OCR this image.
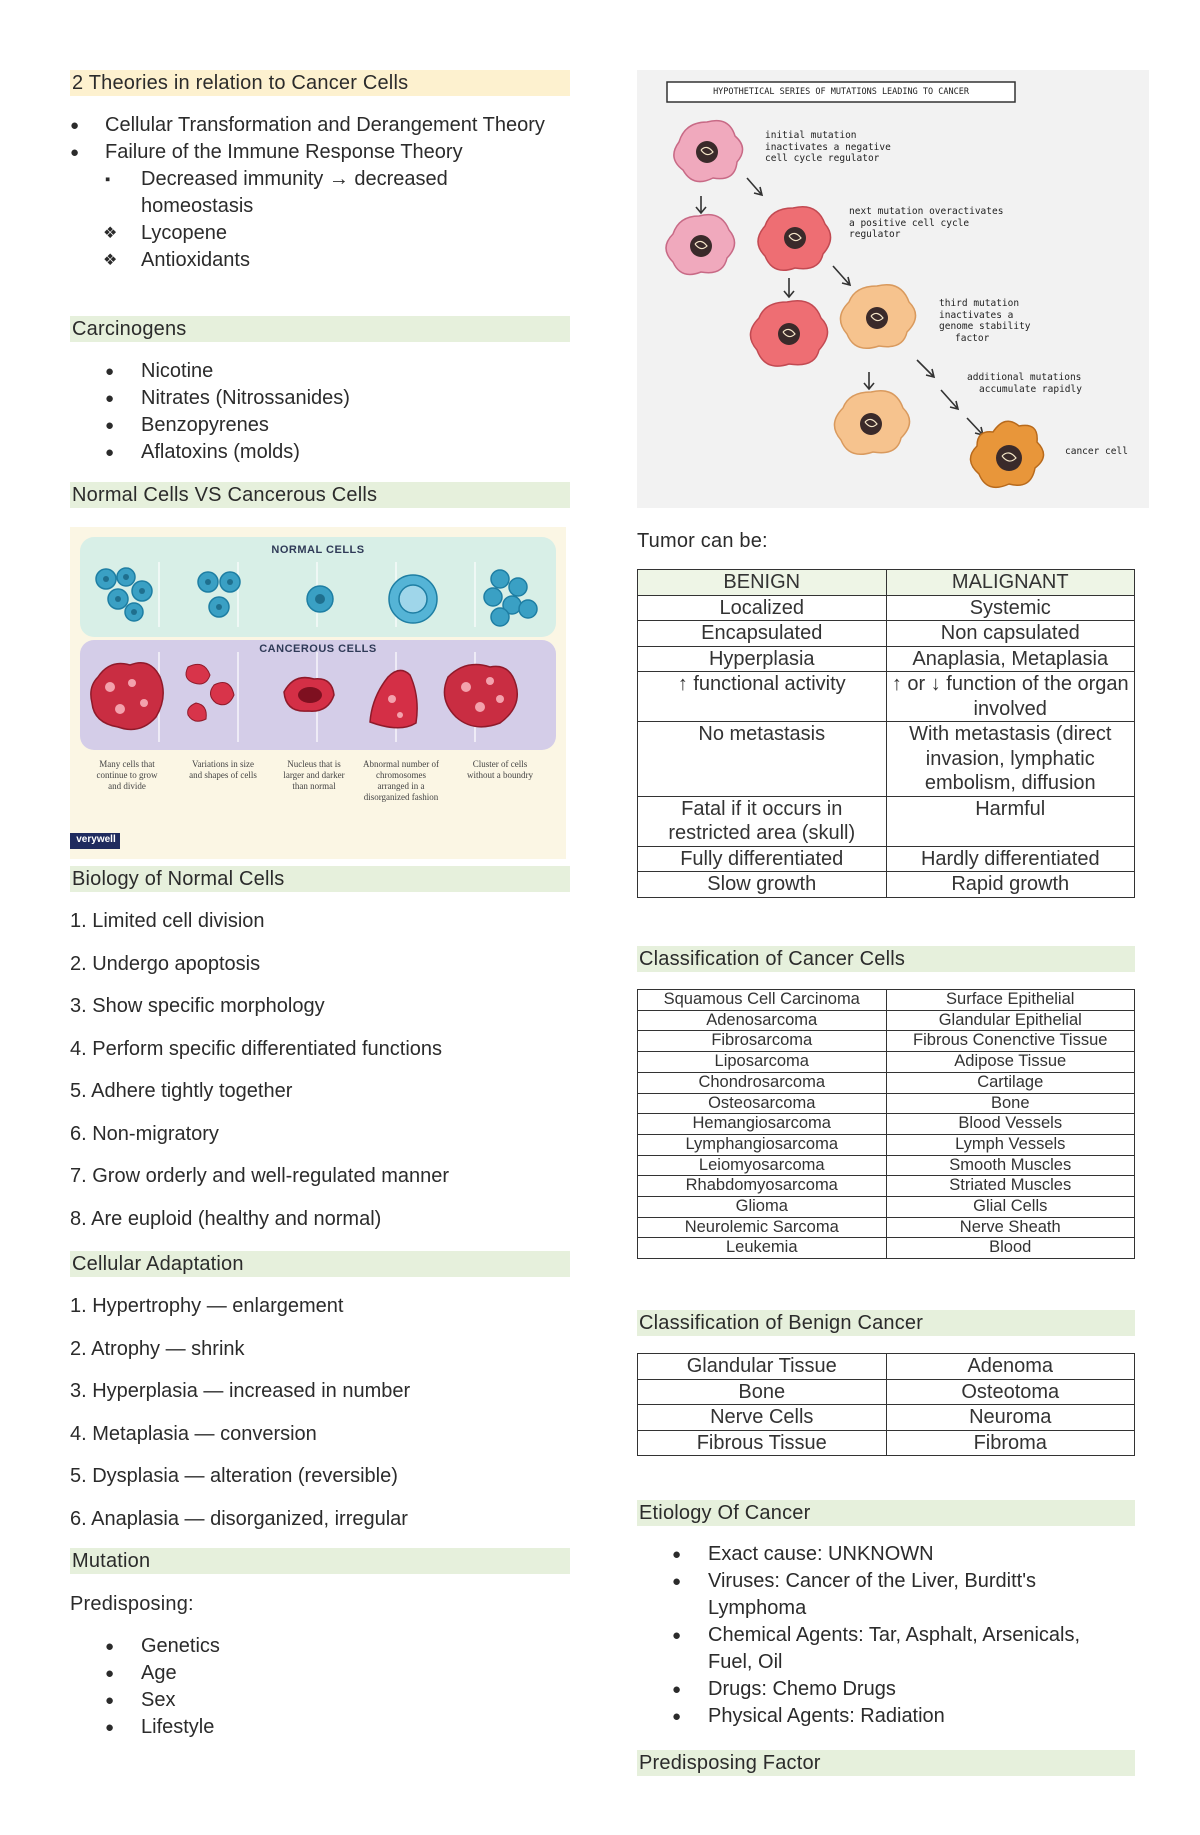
2 Theories in relation to Cancer Cells
● Cellular Transformation and Derangement Theory
● Failure of the Immune Response Theory
▪ Decreased immunity → decreased homeostasis
❖ Lycopene
❖ Antioxidants
Carcinogens
● Nicotine
● Nitrates (Nitrossanides)
● Benzopyrenes
● Aflatoxins (molds)
Normal Cells VS Cancerous Cells
NORMAL CELLS
CANCEROUS CELLS
Many cells that continue to grow and divide
Variations in size and shapes of cells
Nucleus that is larger and darker than normal
Abnormal number of chromosomes arranged in a disorganized fashion
Cluster of cells without a boundry
verywell
Biology of Normal Cells

1. Limited cell division

2. Undergo apoptosis

3. Show specific morphology

4. Perform specific differentiated functions

5. Adhere tightly together

6. Non-migratory

7. Grow orderly and well-regulated manner

8. Are euploid (healthy and normal)

Cellular Adaptation

1. Hypertrophy — enlargement

2. Atrophy — shrink

3. Hyperplasia — increased in number

4. Metaplasia — conversion

5. Dysplasia — alteration (reversible)

6. Anaplasia — disorganized, irregular

Mutation
Predisposing:
● Genetics
● Age
● Sex
● Lifestyle
HYPOTHETICAL SERIES OF MUTATIONS LEADING TO CANCER
initial mutation
inactivates a negative
cell cycle regulator
next mutation overactivates
a positive cell cycle
regulator
third mutation
inactivates a
genome stability
factor
additional mutations
accumulate rapidly
cancer cell
Tumor can be:
BENIGN	MALIGNANT
Localized	Systemic
Encapsulated	Non capsulated
Hyperplasia	Anaplasia, Metaplasia
↑ functional activity	↑ or ↓ function of the organ involved
No metastasis	With metastasis (direct invasion, lymphatic embolism, diffusion
Fatal if it occurs in restricted area (skull)	Harmful
Fully differentiated	Hardly differentiated
Slow growth	Rapid growth
Classification of Cancer Cells
Squamous Cell Carcinoma	Surface Epithelial
Adenosarcoma	Glandular Epithelial
Fibrosarcoma	Fibrous Conenctive Tissue
Liposarcoma	Adipose Tissue
Chondrosarcoma	Cartilage
Osteosarcoma	Bone
Hemangiosarcoma	Blood Vessels
Lymphangiosarcoma	Lymph Vessels
Leiomyosarcoma	Smooth Muscles
Rhabdomyosarcoma	Striated Muscles
Glioma	Glial Cells
Neurolemic Sarcoma	Nerve Sheath
Leukemia	Blood
Classification of Benign Cancer
Glandular Tissue	Adenoma
Bone	Osteotoma
Nerve Cells	Neuroma
Fibrous Tissue	Fibroma
Etiology Of Cancer
● Exact cause: UNKNOWN
● Viruses: Cancer of the Liver, Burditt's Lymphoma
● Chemical Agents: Tar, Asphalt, Arsenicals, Fuel, Oil
● Drugs: Chemo Drugs
● Physical Agents: Radiation
Predisposing Factor
